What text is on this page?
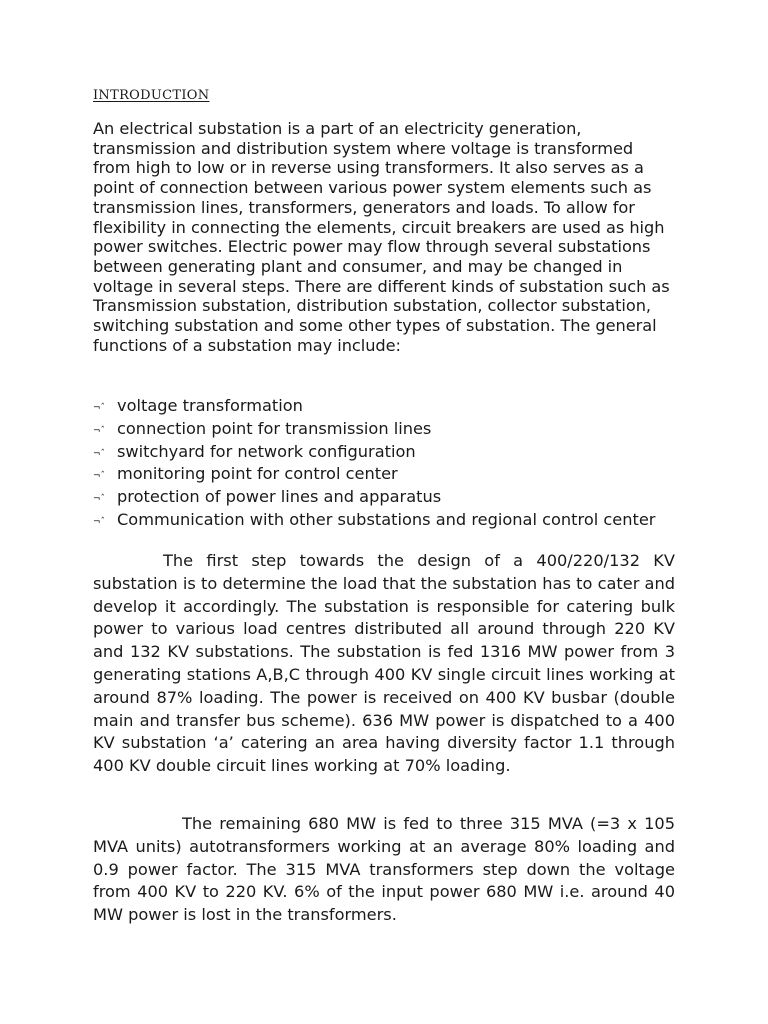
INTRODUCTION

An electrical substation is a part of an electricity generation, transmission and distribution system where voltage is transformed from high to low or in reverse using transformers. It also serves as a point of connection between various power system elements such as transmission lines, transformers, generators and loads. To allow for flexibility in connecting the elements, circuit breakers are used as high power switches. Electric power may flow through several substations between generating plant and consumer, and may be changed in voltage in several steps. There are different kinds of substation such as Transmission substation, distribution substation, collector substation, switching substation and some other types of substation. The general functions of a substation may include:

¬ˆ voltage transformation
¬ˆ connection point for transmission lines
¬ˆ switchyard for network configuration
¬ˆ monitoring point for control center
¬ˆ protection of power lines and apparatus
¬ˆ Communication with other substations and regional control center

The first step towards the design of a 400/220/132 KV substation is to determine the load that the substation has to cater and develop it accordingly. The substation is responsible for catering bulk power to various load centres distributed all around through 220 KV and 132 KV substations. The substation is fed 1316 MW power from 3 generating stations A,B,C through 400 KV single circuit lines working at around 87% loading. The power is received on 400 KV busbar (double main and transfer bus scheme). 636 MW power is dispatched to a 400 KV substation ‘a’ catering an area having diversity factor 1.1 through 400 KV double circuit lines working at 70% loading.

The remaining 680 MW is fed to three 315 MVA (=3 x 105 MVA units) autotransformers working at an average 80% loading and 0.9 power factor. The 315 MVA transformers step down the voltage from 400 KV to 220 KV. 6% of the input power 680 MW i.e. around 40 MW power is lost in the transformers.
